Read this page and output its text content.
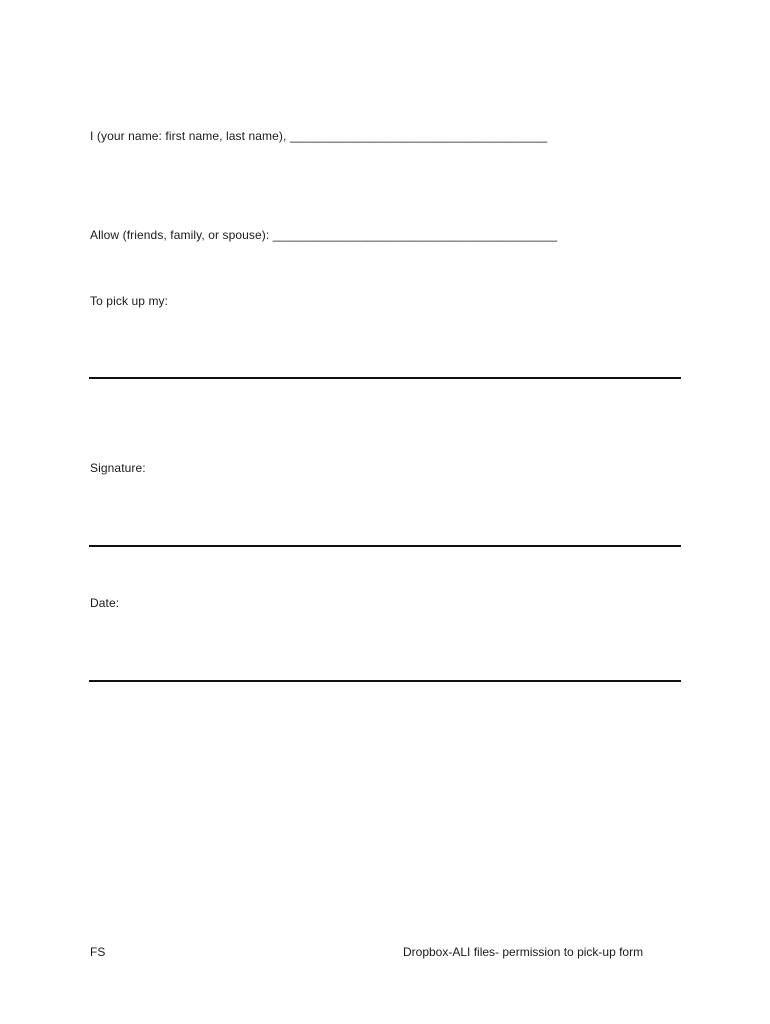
I (your name: first name, last name), ______________________________________
Allow (friends, family, or spouse): __________________________________________
To pick up my:
Signature:
Date:
FS	Dropbox-ALI files- permission to pick-up form
